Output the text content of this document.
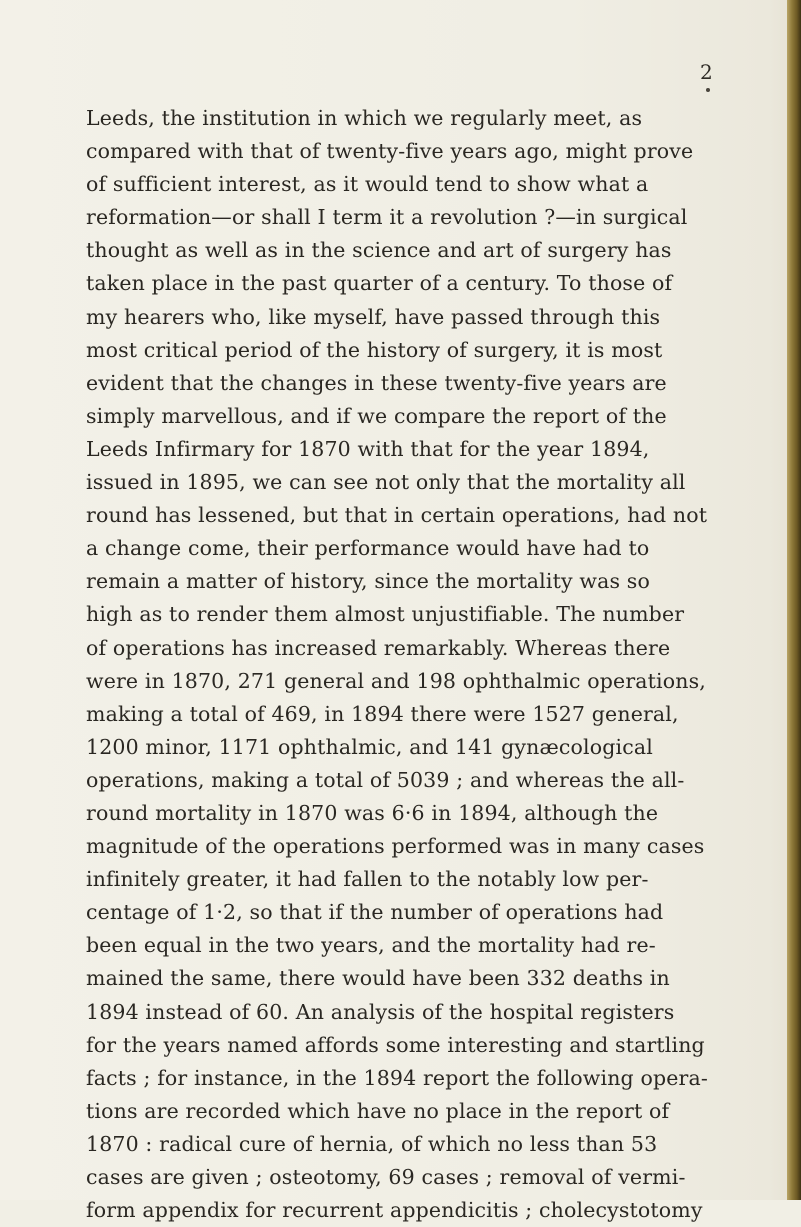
2
Leeds, the institution in which we regularly meet, as
compared with that of twenty-five years ago, might prove
of sufficient interest, as it would tend to show what a
reformation—or shall I term it a revolution ?—in surgical
thought as well as in the science and art of surgery has
taken place in the past quarter of a century. To those of
my hearers who, like myself, have passed through this
most critical period of the history of surgery, it is most
evident that the changes in these twenty-five years are
simply marvellous, and if we compare the report of the
Leeds Infirmary for 1870 with that for the year 1894,
issued in 1895, we can see not only that the mortality all
round has lessened, but that in certain operations, had not
a change come, their performance would have had to
remain a matter of history, since the mortality was so
high as to render them almost unjustifiable. The number
of operations has increased remarkably. Whereas there
were in 1870, 271 general and 198 ophthalmic operations,
making a total of 469, in 1894 there were 1527 general,
1200 minor, 1171 ophthalmic, and 141 gynæcological
operations, making a total of 5039 ; and whereas the all-
round mortality in 1870 was 6·6 in 1894, although the
magnitude of the operations performed was in many cases
infinitely greater, it had fallen to the notably low per-
centage of 1·2, so that if the number of operations had
been equal in the two years, and the mortality had re-
mained the same, there would have been 332 deaths in
1894 instead of 60. An analysis of the hospital registers
for the years named affords some interesting and startling
facts ; for instance, in the 1894 report the following opera-
tions are recorded which have no place in the report of
1870 : radical cure of hernia, of which no less than 53
cases are given ; osteotomy, 69 cases ; removal of vermi-
form appendix for recurrent appendicitis ; cholecystotomy
